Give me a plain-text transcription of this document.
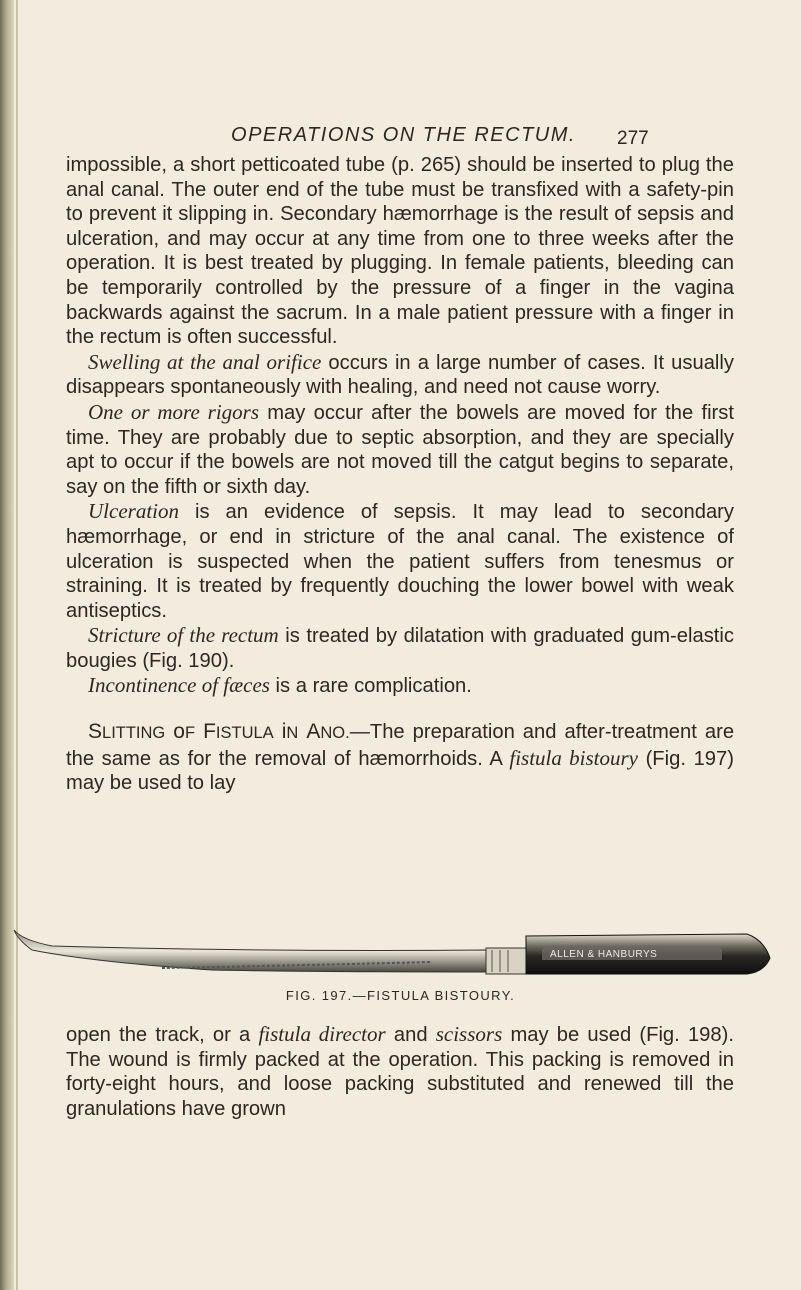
OPERATIONS ON THE RECTUM. 277

impossible, a short petticoated tube (p. 265) should be inserted to plug the anal canal. The outer end of the tube must be transfixed with a safety-pin to prevent it slipping in. Secondary hæmorrhage is the result of sepsis and ulceration, and may occur at any time from one to three weeks after the operation. It is best treated by plugging. In female patients, bleeding can be temporarily controlled by the pressure of a finger in the vagina backwards against the sacrum. In a male patient pressure with a finger in the rectum is often successful.

Swelling at the anal orifice occurs in a large number of cases. It usually disappears spontaneously with healing, and need not cause worry.

One or more rigors may occur after the bowels are moved for the first time. They are probably due to septic absorption, and they are specially apt to occur if the bowels are not moved till the catgut begins to separate, say on the fifth or sixth day.

Ulceration is an evidence of sepsis. It may lead to secondary hæmorrhage, or end in stricture of the anal canal. The existence of ulceration is suspected when the patient suffers from tenesmus or straining. It is treated by frequently douching the lower bowel with weak antiseptics.

Stricture of the rectum is treated by dilatation with graduated gum-elastic bougies (Fig. 190).

Incontinence of fæces is a rare complication.

SLITTING oF FISTULA iN ANO.—The preparation and after-treatment are the same as for the removal of hæmorrhoids. A fistula bistoury (Fig. 197) may be used to lay

ALLEN & HANBURYS
FIG. 197.—FISTULA BISTOURY.

open the track, or a fistula director and scissors may be used (Fig. 198). The wound is firmly packed at the operation. This packing is removed in forty-eight hours, and loose packing substituted and renewed till the granulations have grown
